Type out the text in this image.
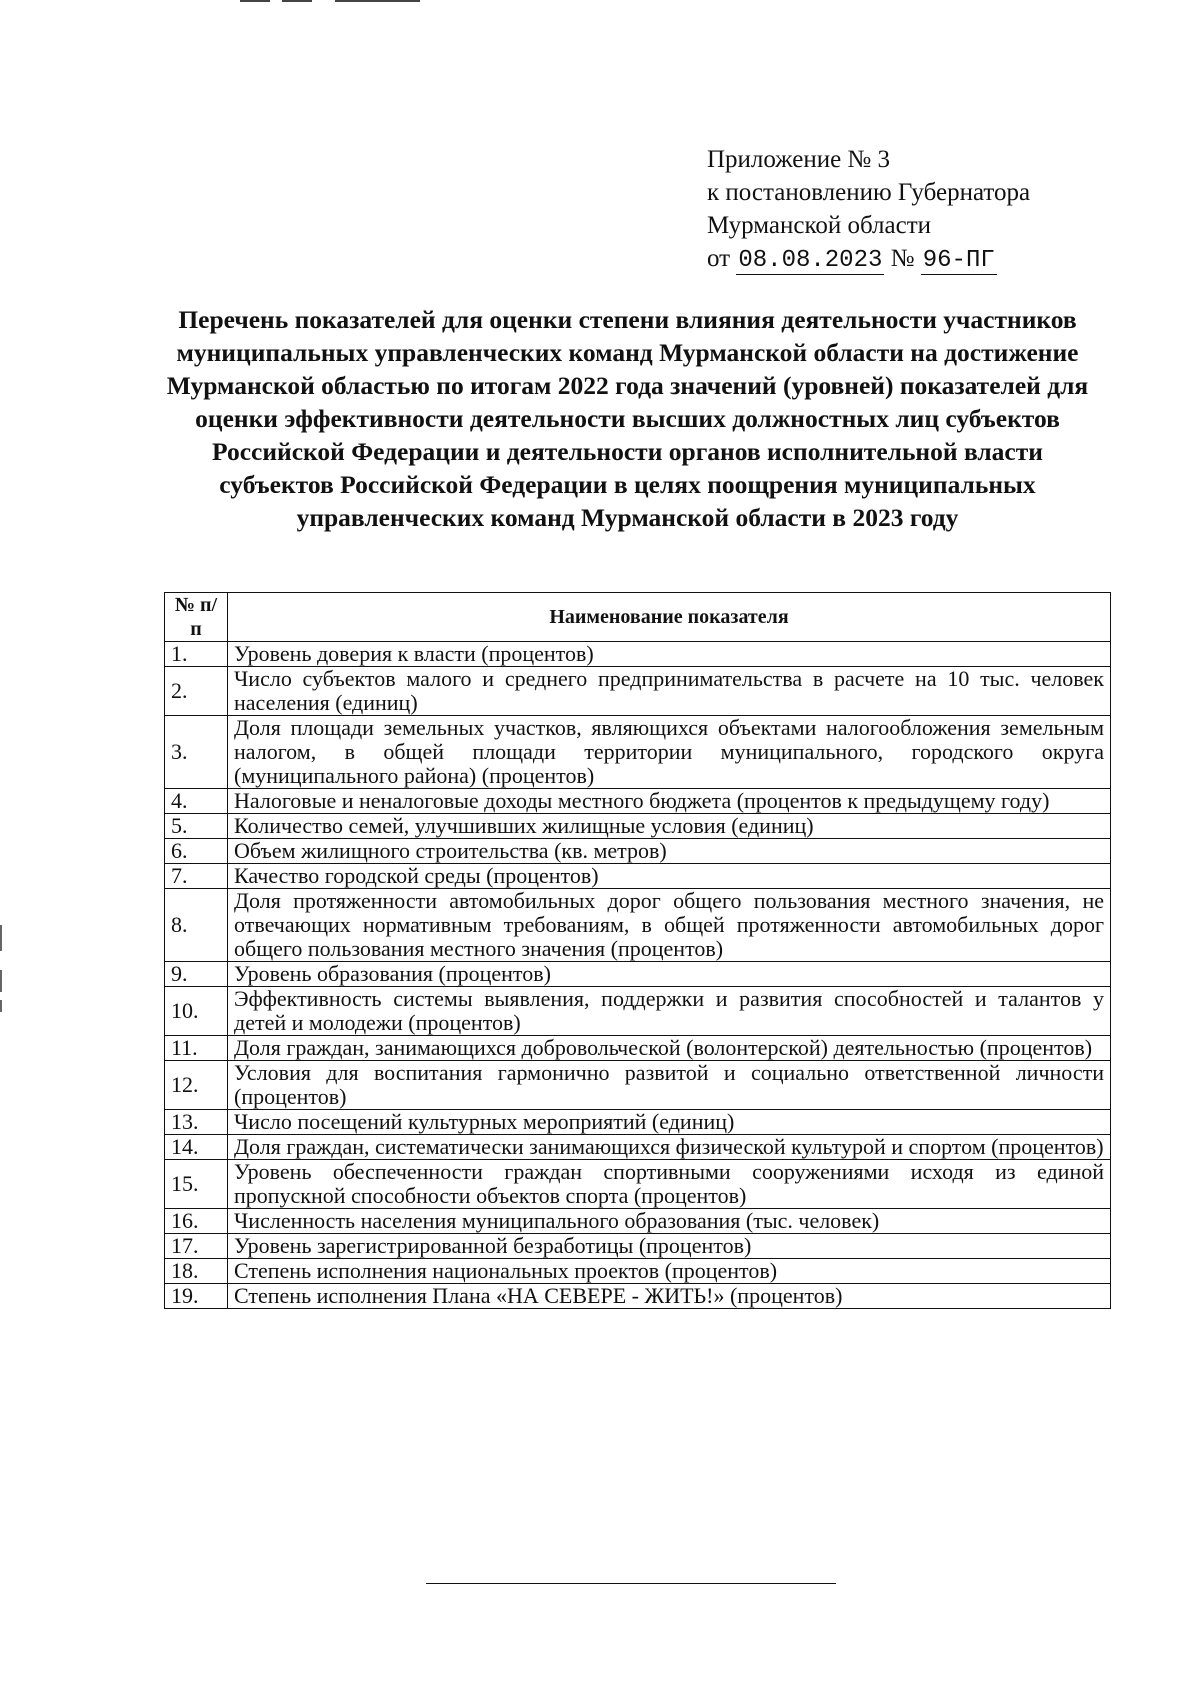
Приложение № 3
к постановлению Губернатора
Мурманской области
от 08.08.2023 № 96-ПГ
Перечень показателей для оценки степени влияния деятельности участников муниципальных управленческих команд Мурманской области на достижение Мурманской областью по итогам 2022 года значений (уровней) показателей для оценки эффективности деятельности высших должностных лиц субъектов Российской Федерации и деятельности органов исполнительной власти субъектов Российской Федерации в целях поощрения муниципальных управленческих команд Мурманской области в 2023 году
№ п/п	Наименование показателя
1.	Уровень доверия к власти (процентов)
2.	Число субъектов малого и среднего предпринимательства в расчете на 10 тыс. человек населения (единиц)
3.	Доля площади земельных участков, являющихся объектами налогообложения земельным налогом, в общей площади территории муниципального, городского округа (муниципального района) (процентов)
4.	Налоговые и неналоговые доходы местного бюджета (процентов к предыдущему году)
5.	Количество семей, улучшивших жилищные условия (единиц)
6.	Объем жилищного строительства (кв. метров)
7.	Качество городской среды (процентов)
8.	Доля протяженности автомобильных дорог общего пользования местного значения, не отвечающих нормативным требованиям, в общей протяженности автомобильных дорог общего пользования местного значения (процентов)
9.	Уровень образования (процентов)
10.	Эффективность системы выявления, поддержки и развития способностей и талантов у детей и молодежи (процентов)
11.	Доля граждан, занимающихся добровольческой (волонтерской) деятельностью (процентов)
12.	Условия для воспитания гармонично развитой и социально ответственной личности (процентов)
13.	Число посещений культурных мероприятий (единиц)
14.	Доля граждан, систематически занимающихся физической культурой и спортом (процентов)
15.	Уровень обеспеченности граждан спортивными сооружениями исходя из единой пропускной способности объектов спорта (процентов)
16.	Численность населения муниципального образования (тыс. человек)
17.	Уровень зарегистрированной безработицы (процентов)
18.	Степень исполнения национальных проектов (процентов)
19.	Степень исполнения Плана «НА СЕВЕРЕ - ЖИТЬ!» (процентов)
